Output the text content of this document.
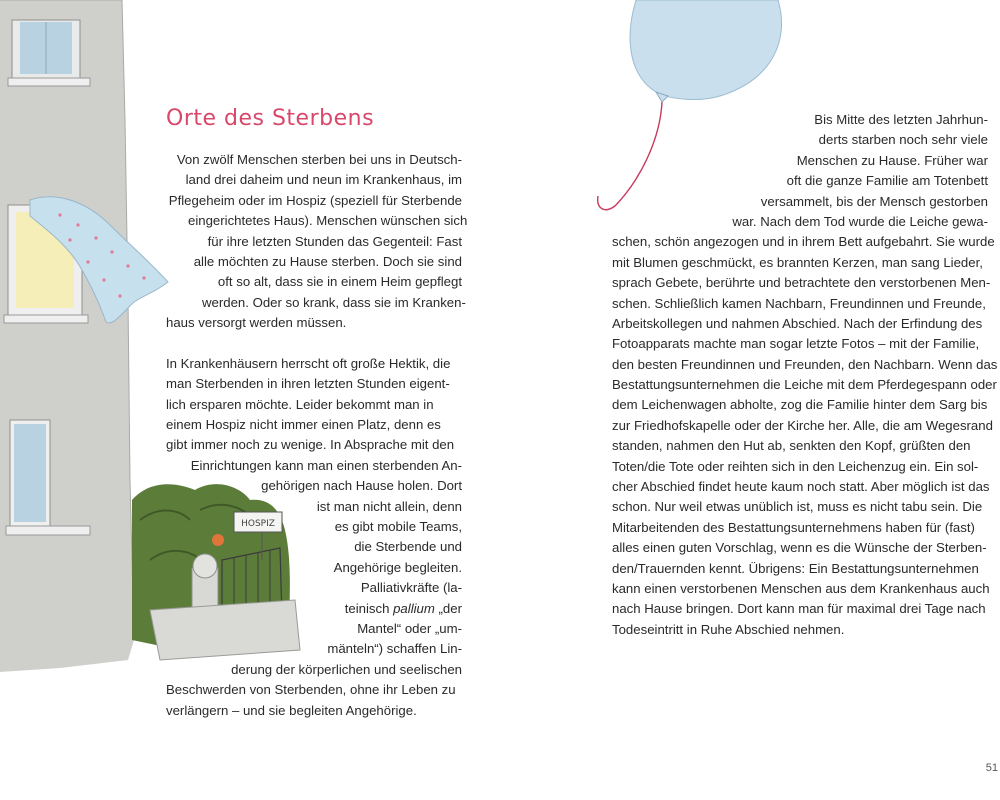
HOSPIZ
Orte des Sterbens
Von zwölf Menschen sterben bei uns in Deutsch-
land drei daheim und neun im Krankenhaus, im
Pflegeheim oder im Hospiz (speziell für Sterbende
eingerichtetes Haus). Menschen wünschen sich
für ihre letzten Stunden das Gegenteil: Fast
alle möchten zu Hause sterben. Doch sie sind
oft so alt, dass sie in einem Heim gepflegt
werden. Oder so krank, dass sie im Kranken-
haus versorgt werden müssen.
In Krankenhäusern herrscht oft große Hektik, die
man Sterbenden in ihren letzten Stunden eigent-
lich ersparen möchte. Leider bekommt man in
einem Hospiz nicht immer einen Platz, denn es
gibt immer noch zu wenige. In Absprache mit den
Einrichtungen kann man einen sterbenden An-
gehörigen nach Hause holen. Dort
ist man nicht allein, denn
es gibt mobile Teams,
die Sterbende und
Angehörige begleiten.
Palliativkräfte (la-
teinisch pallium „der
Mantel“ oder „um-
mänteln“) schaffen Lin-
derung der körperlichen und seelischen
Beschwerden von Sterbenden, ohne ihr Leben zu
verlängern – und sie begleiten Angehörige.
Bis Mitte des letzten Jahrhun-
derts starben noch sehr viele
Menschen zu Hause. Früher war
oft die ganze Familie am Totenbett
versammelt, bis der Mensch gestorben
war. Nach dem Tod wurde die Leiche gewa-
schen, schön angezogen und in ihrem Bett aufgebahrt. Sie wurde
mit Blumen geschmückt, es brannten Kerzen, man sang Lieder,
sprach Gebete, berührte und betrachtete den verstorbenen Men-
schen. Schließlich kamen Nachbarn, Freundinnen und Freunde,
Arbeitskollegen und nahmen Abschied. Nach der Erfindung des
Fotoapparats machte man sogar letzte Fotos – mit der Familie,
den besten Freundinnen und Freunden, den Nachbarn. Wenn das
Bestattungsunternehmen die Leiche mit dem Pferdegespann oder
dem Leichenwagen abholte, zog die Familie hinter dem Sarg bis
zur Friedhofskapelle oder der Kirche her. Alle, die am Wegesrand
standen, nahmen den Hut ab, senkten den Kopf, grüßten den
Toten/die Tote oder reihten sich in den Leichenzug ein. Ein sol-
cher Abschied findet heute kaum noch statt. Aber möglich ist das
schon. Nur weil etwas unüblich ist, muss es nicht tabu sein. Die
Mitarbeitenden des Bestattungsunternehmens haben für (fast)
alles einen guten Vorschlag, wenn es die Wünsche der Sterben-
den/Trauernden kennt. Übrigens: Ein Bestattungsunternehmen
kann einen verstorbenen Menschen aus dem Krankenhaus auch
nach Hause bringen. Dort kann man für maximal drei Tage nach
Todeseintritt in Ruhe Abschied nehmen.
51
